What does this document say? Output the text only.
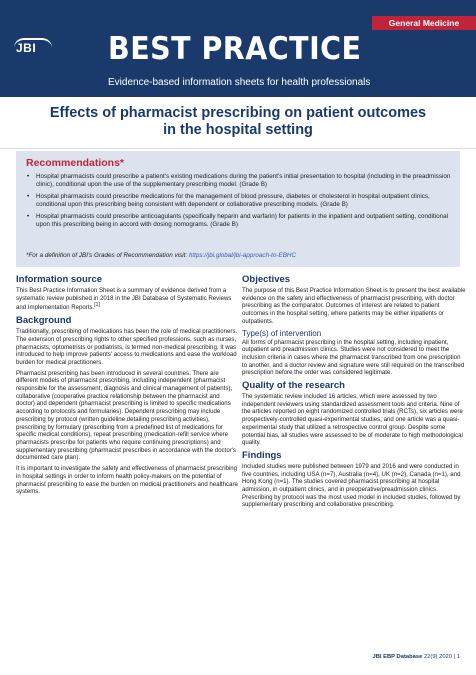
General Medicine
JBI BEST PRACTICE
Evidence-based information sheets for health professionals
Effects of pharmacist prescribing on patient outcomes
in the hospital setting
Recommendations*
• Hospital pharmacists could prescribe a patient's existing medications during the patient's initial presentation to hospital (including in the preadmission clinic), conditional upon the use of the supplementary prescribing model. (Grade B)
• Hospital pharmacists could prescribe medications for the management of blood pressure, diabetes or cholesterol in hospital outpatient clinics, conditional upon this prescribing being consistent with dependent or collaborative prescribing models. (Grade B)
• Hospital pharmacists could prescribe anticoagulants (specifically heparin and warfarin) for patients in the inpatient and outpatient setting, conditional upon this prescribing being in accord with dosing nomograms. (Grade B)
*For a definition of JBI's Grades of Recommendation visit: https://jbi.global/jbi-approach-to-EBHC
Information source

This Best Practice Information Sheet is a summary of evidence derived from a systematic review published in 2018 in the JBI Database of Systematic Reviews and Implementation Reports.[1]

Background

Traditionally, prescribing of medications has been the role of medical practitioners. The extension of prescribing rights to other specified professions, such as nurses, pharmacists, optometrists or podiatrists, is termed non-medical prescribing. It was introduced to help improve patients' access to medications and ease the workload burden for medical practitioners.

Pharmacist prescribing has been introduced in several countries. There are different models of pharmacist prescribing, including independent (pharmacist responsible for the assessment, diagnosis and clinical management of patients), collaborative (cooperative practice relationship between the pharmacist and doctor) and dependent (pharmacist prescribing is limited to specific medications according to protocols and formularies). Dependent prescribing may include prescribing by protocol (written guideline detailing prescribing activities), prescribing by formulary (prescribing from a predefined list of medications for specific medical conditions), repeat prescribing (medication-refill service where pharmacists prescribe for patients who require continuing prescriptions) and supplementary prescribing (pharmacist prescribes in accordance with the doctor's documented care plan).

It is important to investigate the safety and effectiveness of pharmacist prescribing in hospital settings in order to inform health policy-makers on the potential of pharmacist prescribing to ease the burden on medical practitioners and healthcare systems.

Objectives

The purpose of this Best Practice Information Sheet is to present the best available evidence on the safety and effectiveness of pharmacist prescribing, with doctor prescribing as the comparator. Outcomes of interest are related to patient outcomes in the hospital setting, where patients may be either inpatients or outpatients.

Type(s) of intervention

All forms of pharmacist prescribing in the hospital setting, including inpatient, outpatient and preadmission clinics. Studies were not considered to meet the inclusion criteria in cases where the pharmacist transcribed from one prescription to another, and a doctor review and signature were still required on the transcribed prescription before the order was considered legitimate.

Quality of the research

The systematic review included 16 articles, which were assessed by two independent reviewers using standardized assessment tools and criteria. Nine of the articles reported on eight randomized controlled trials (RCTs), six articles were prospectively-controlled quasi-experimental studies, and one article was a quasi-experimental study that utilized a retrospective control group. Despite some potential bias, all studies were assessed to be of moderate to high methodological quality.

Findings

Included studies were published between 1979 and 2016 and were conducted in five countries, including USA (n=7), Australia (n=4), UK (n=2), Canada (n=1), and Hong Kong (n=1). The studies covered pharmacist prescribing at hospital admission, in outpatient clinics, and in preoperative/preadmission clinics. Prescribing by protocol was the most used model in included studies, followed by supplementary prescribing and collaborative prescribing.

JBI EBP Database 22(9) 2020 | 1
